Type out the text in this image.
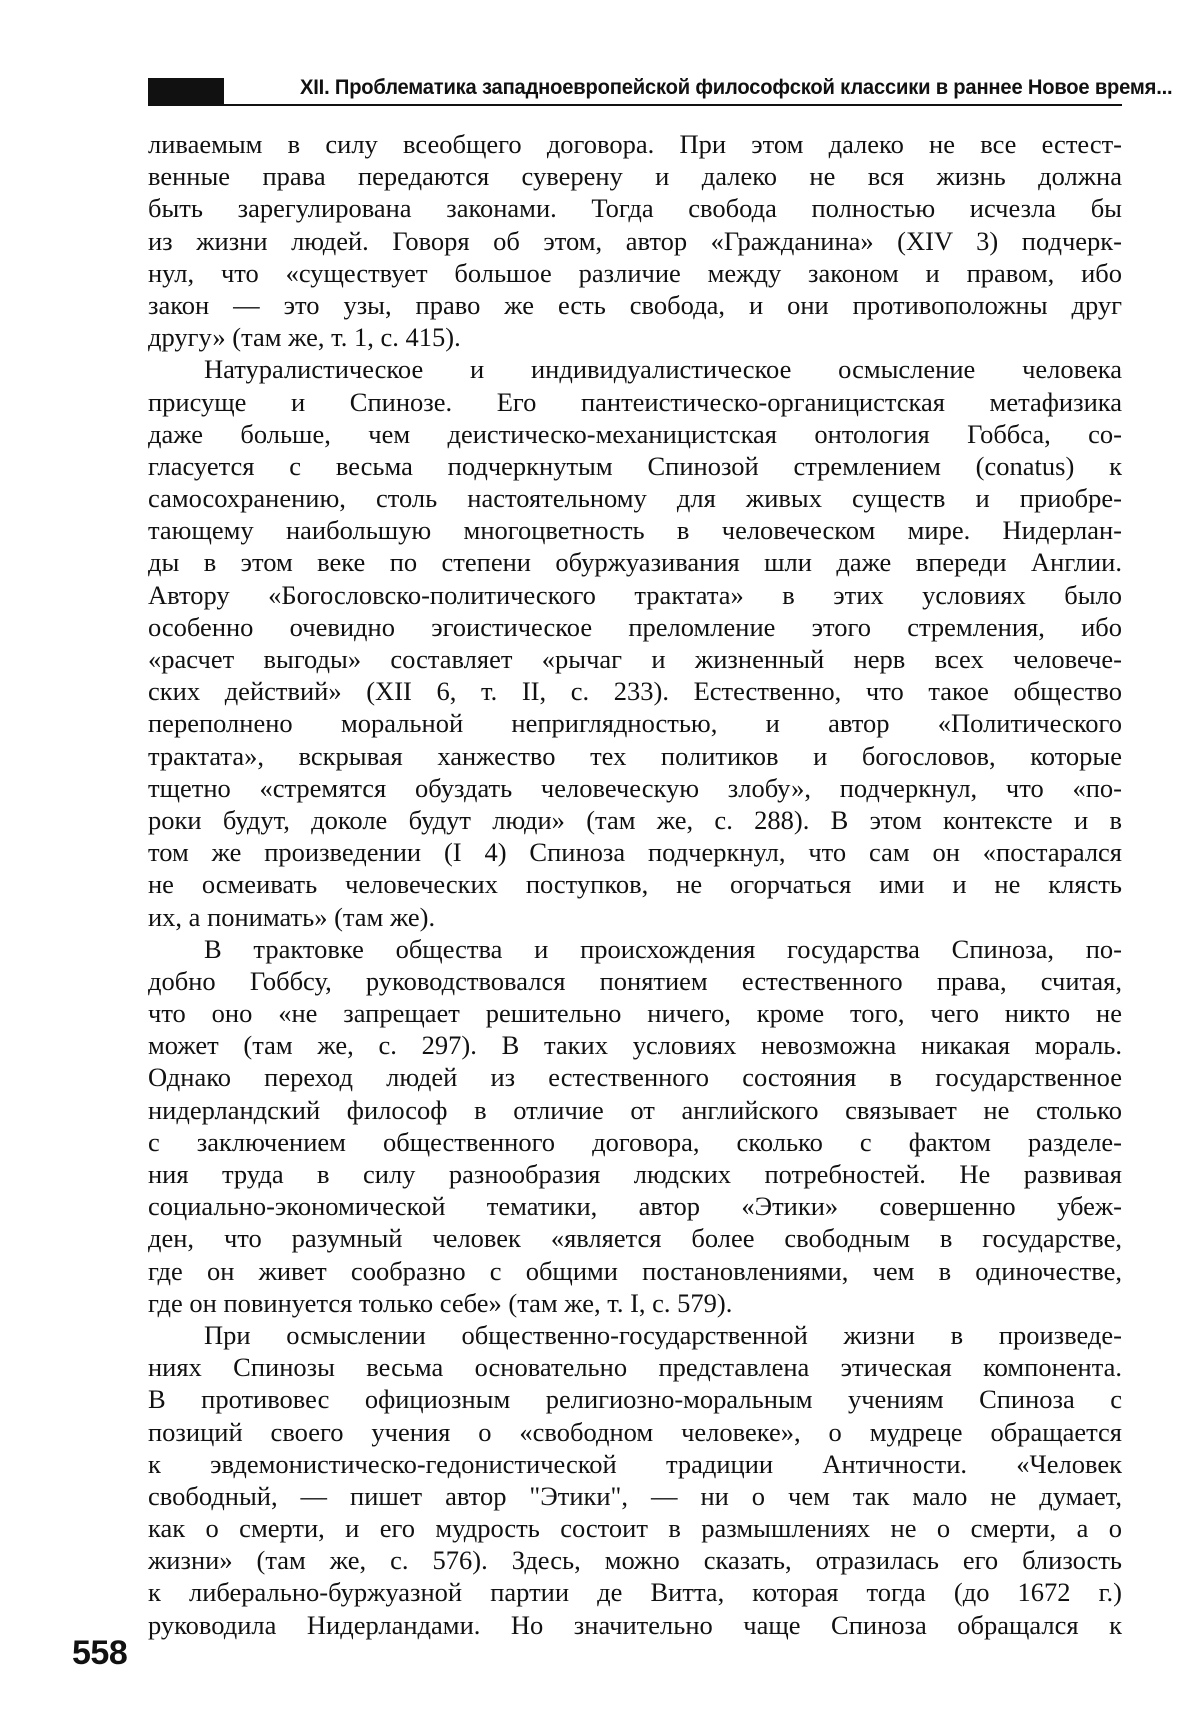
XII. Проблематика западноевропейской философской классики в раннее Новое время...
ливаемым в силу всеобщего договора. При этом далеко не все естест-
венные права передаются суверену и далеко не вся жизнь должна
быть зарегулирована законами. Тогда свобода полностью исчезла бы
из жизни людей. Говоря об этом, автор «Гражданина» (XIV 3) подчерк-
нул, что «существует большое различие между законом и правом, ибо
закон — это узы, право же есть свобода, и они противоположны друг
другу» (там же, т. 1, с. 415).
Натуралистическое и индивидуалистическое осмысление человека
присуще и Спинозе. Его пантеистическо-органицистская метафизика
даже больше, чем деистическо-механицистская онтология Гоббса, со-
гласуется с весьма подчеркнутым Спинозой стремлением (conatus) к
самосохранению, столь настоятельному для живых существ и приобре-
тающему наибольшую многоцветность в человеческом мире. Нидерлан-
ды в этом веке по степени обуржуазивания шли даже впереди Англии.
Автору «Богословско-политического трактата» в этих условиях было
особенно очевидно эгоистическое преломление этого стремления, ибо
«расчет выгоды» составляет «рычаг и жизненный нерв всех человече-
ских действий» (XII 6, т. II, с. 233). Естественно, что такое общество
переполнено моральной неприглядностью, и автор «Политического
трактата», вскрывая ханжество тех политиков и богословов, которые
тщетно «стремятся обуздать человеческую злобу», подчеркнул, что «по-
роки будут, доколе будут люди» (там же, с. 288). В этом контексте и в
том же произведении (I 4) Спиноза подчеркнул, что сам он «постарался
не осмеивать человеческих поступков, не огорчаться ими и не клясть
их, а понимать» (там же).
В трактовке общества и происхождения государства Спиноза, по-
добно Гоббсу, руководствовался понятием естественного права, считая,
что оно «не запрещает решительно ничего, кроме того, чего никто не
может (там же, с. 297). В таких условиях невозможна никакая мораль.
Однако переход людей из естественного состояния в государственное
нидерландский философ в отличие от английского связывает не столько
с заключением общественного договора, сколько с фактом разделе-
ния труда в силу разнообразия людских потребностей. Не развивая
социально-экономической тематики, автор «Этики» совершенно убеж-
ден, что разумный человек «является более свободным в государстве,
где он живет сообразно с общими постановлениями, чем в одиночестве,
где он повинуется только себе» (там же, т. I, с. 579).
При осмыслении общественно-государственной жизни в произведе-
ниях Спинозы весьма основательно представлена этическая компонента.
В противовес официозным религиозно-моральным учениям Спиноза с
позиций своего учения о «свободном человеке», о мудреце обращается
к эвдемонистическо-гедонистической традиции Античности. «Человек
свободный, — пишет автор "Этики", — ни о чем так мало не думает,
как о смерти, и его мудрость состоит в размышлениях не о смерти, а о
жизни» (там же, с. 576). Здесь, можно сказать, отразилась его близость
к либерально-буржуазной партии де Витта, которая тогда (до 1672 г.)
руководила Нидерландами. Но значительно чаще Спиноза обращался к
558
